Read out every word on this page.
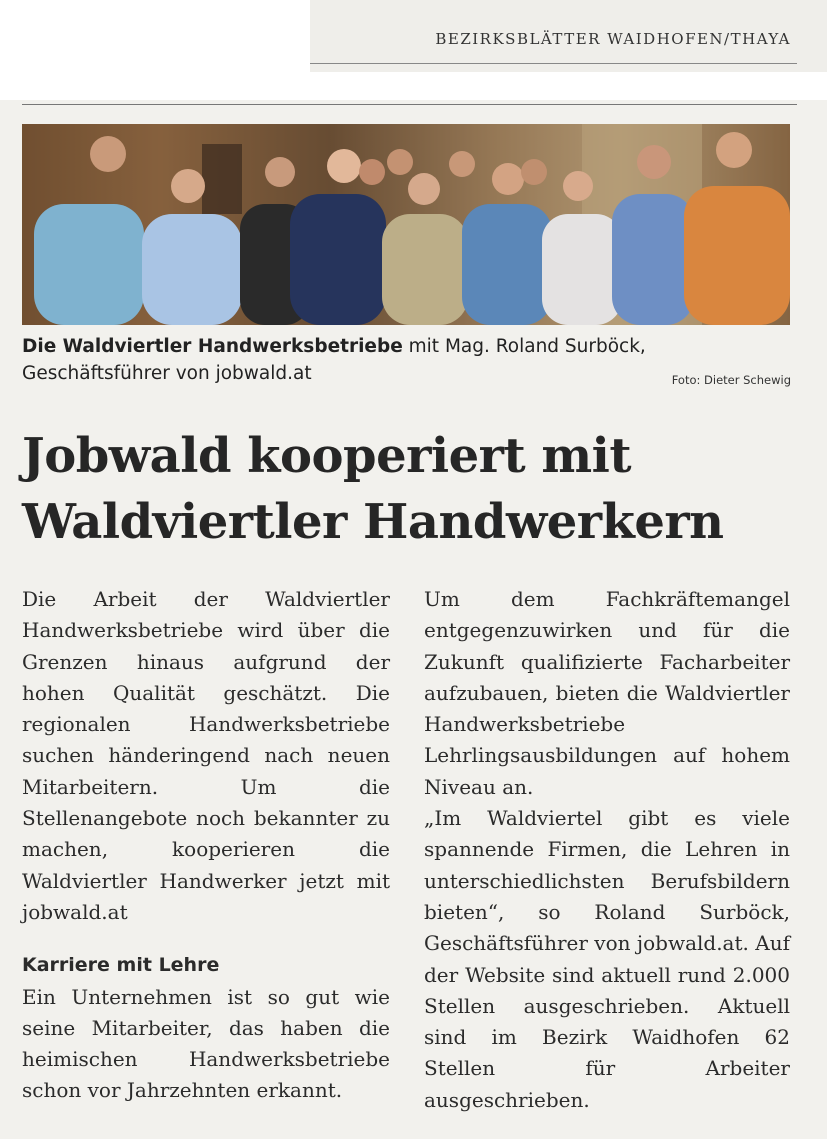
BEZIRKSBLÄTTER WAIDHOFEN/THAYA
Die Waldviertler Handwerksbetriebe mit Mag. Roland Surböck, Geschäftsführer von jobwald.at	Foto: Dieter Schewig
Jobwald kooperiert mit
Waldviertler Handwerkern

Die Arbeit der Waldviertler Handwerksbetriebe wird über die Grenzen hinaus aufgrund der hohen Qualität geschätzt. Die regionalen Handwerksbetriebe suchen händeringend nach neuen Mitarbeitern. Um die Stellenangebote noch bekannter zu machen, kooperieren die Waldviertler Handwerker jetzt mit jobwald.at

Karriere mit Lehre

Ein Unternehmen ist so gut wie seine Mitarbeiter, das haben die heimischen Handwerksbetriebe schon vor Jahrzehnten erkannt.

Um dem Fachkräftemangel entgegenzuwirken und für die Zukunft qualifizierte Facharbeiter aufzubauen, bieten die Waldviertler Handwerksbetriebe Lehrlingsausbildungen auf hohem Niveau an.

„Im Waldviertel gibt es viele spannende Firmen, die Lehren in unterschiedlichsten Berufsbildern bieten“, so Roland Surböck, Geschäftsführer von jobwald.at. Auf der Website sind aktuell rund 2.000 Stellen ausgeschrieben. Aktuell sind im Bezirk Waidhofen 62 Stellen für Arbeiter ausgeschrieben.
